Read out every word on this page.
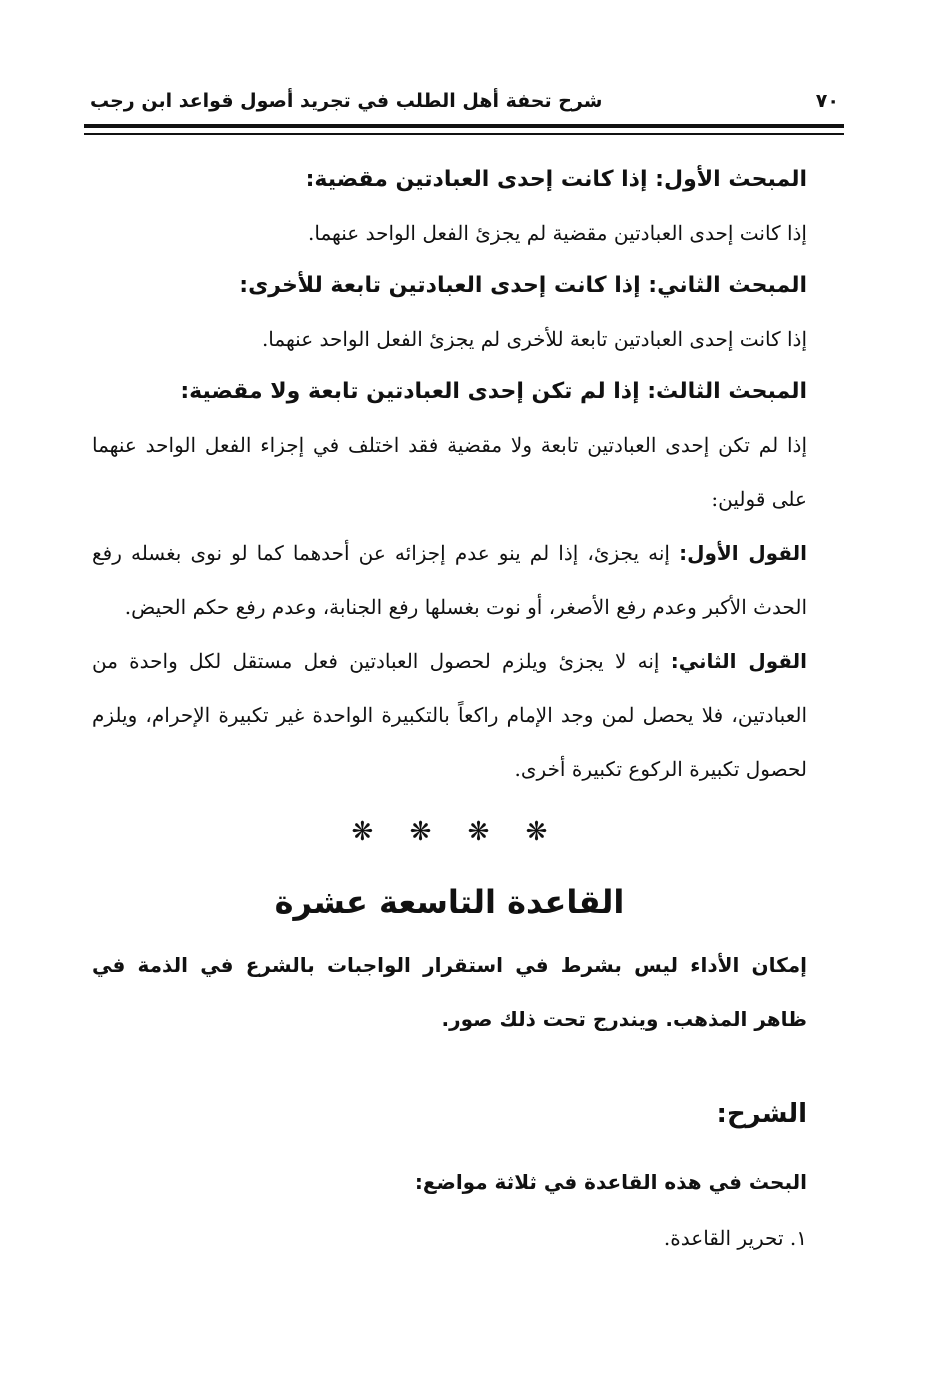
شرح تحفة أهل الطلب في تجريد أصول قواعد ابن رجب	٧٠

المبحث الأول: إذا كانت إحدى العبادتين مقضية:

إذا كانت إحدى العبادتين مقضية لم يجزئ الفعل الواحد عنهما.

المبحث الثاني: إذا كانت إحدى العبادتين تابعة للأخرى:

إذا كانت إحدى العبادتين تابعة للأخرى لم يجزئ الفعل الواحد عنهما.

المبحث الثالث: إذا لم تكن إحدى العبادتين تابعة ولا مقضية:

إذا لم تكن إحدى العبادتين تابعة ولا مقضية فقد اختلف في إجزاء الفعل الواحد عنهما على قولين:

القول الأول: إنه يجزئ، إذا لم ينو عدم إجزائه عن أحدهما كما لو نوى بغسله رفع الحدث الأكبر وعدم رفع الأصغر، أو نوت بغسلها رفع الجنابة، وعدم رفع حكم الحيض.

القول الثاني: إنه لا يجزئ ويلزم لحصول العبادتين فعل مستقل لكل واحدة من العبادتين، فلا يحصل لمن وجد الإمام راكعاً بالتكبيرة الواحدة غير تكبيرة الإحرام، ويلزم لحصول تكبيرة الركوع تكبيرة أخرى.

❋ ❋ ❋ ❋

القاعدة التاسعة عشرة

إمكان الأداء ليس بشرط في استقرار الواجبات بالشرع في الذمة في ظاهر المذهب. ويندرج تحت ذلك صور.

الشرح:

البحث في هذه القاعدة في ثلاثة مواضع:

١. تحرير القاعدة.
